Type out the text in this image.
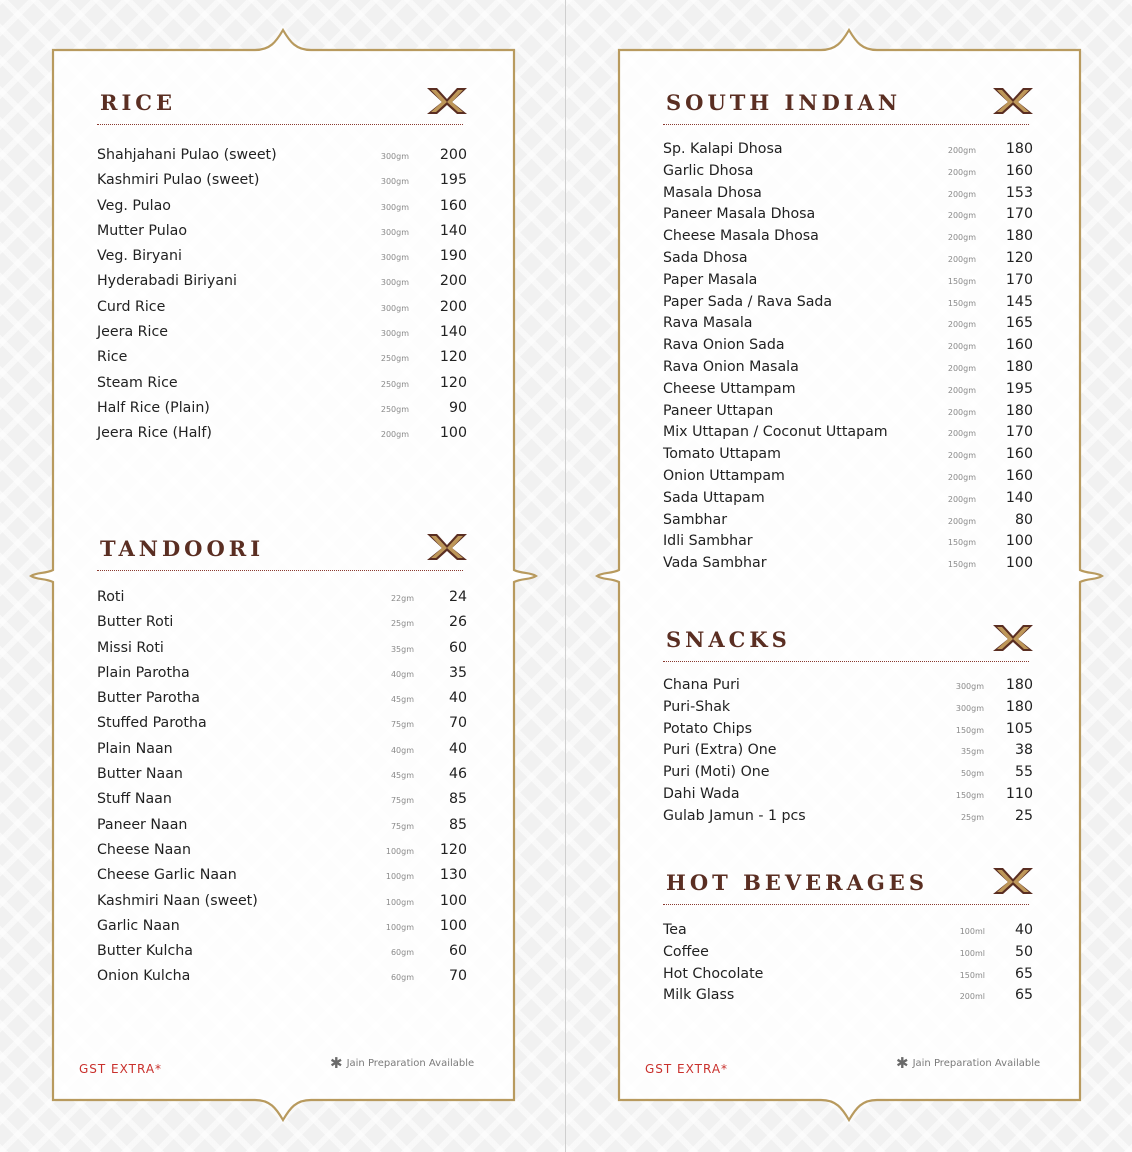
RICE
Shahjahani Pulao (sweet)	300gm 200
Kashmiri Pulao (sweet)	300gm 195
Veg. Pulao	300gm 160
Mutter Pulao	300gm 140
Veg. Biryani	300gm 190
Hyderabadi Biriyani	300gm 200
Curd Rice	300gm 200
Jeera Rice	300gm 140
Rice	250gm 120
Steam Rice	250gm 120
Half Rice (Plain)	250gm	90
Jeera Rice (Half)	200gm 100
TANDOORI
Roti	22gm 24
Butter Roti	25gm 26
Missi Roti	35gm 60
Plain Parotha	40gm 35
Butter Parotha	45gm 40
Stuffed Parotha	75gm 70
Plain Naan	40gm 40
Butter Naan	45gm 46
Stuff Naan	75gm 85
Paneer Naan	75gm 85
Cheese Naan	100gm 120
Cheese Garlic Naan	100gm 130
Kashmiri Naan (sweet)	100gm 100
Garlic Naan	100gm 100
Butter Kulcha	60gm 60
Onion Kulcha	60gm 70
GST EXTRA*	✱ Jain Preparation Available
SOUTH INDIAN
Sp. Kalapi Dhosa	200gm 180
Garlic Dhosa	200gm 160
Masala Dhosa	200gm 153
Paneer Masala Dhosa	200gm 170
Cheese Masala Dhosa	200gm 180
Sada Dhosa	200gm 120
Paper Masala	150gm 170
Paper Sada / Rava Sada	150gm 145
Rava Masala	200gm 165
Rava Onion Sada	200gm 160
Rava Onion Masala	200gm 180
Cheese Uttampam	200gm 195
Paneer Uttapan	200gm 180
Mix Uttapan / Coconut Uttapam	200gm 170
Tomato Uttapam	200gm 160
Onion Uttampam	200gm 160
Sada Uttapam	200gm 140
Sambhar	200gm	80
Idli Sambhar	150gm 100
Vada Sambhar	150gm 100
SNACKS
Chana Puri	300gm 180
Puri-Shak	300gm 180
Potato Chips	150gm 105
Puri (Extra) One	35gm 38
Puri (Moti) One	50gm 55
Dahi Wada	150gm 110
Gulab Jamun - 1 pcs	25gm 25
HOT BEVERAGES
Tea	100ml 40
Coffee	100ml 50
Hot Chocolate	150ml 65
Milk Glass	200ml 65
GST EXTRA*	✱ Jain Preparation Available
